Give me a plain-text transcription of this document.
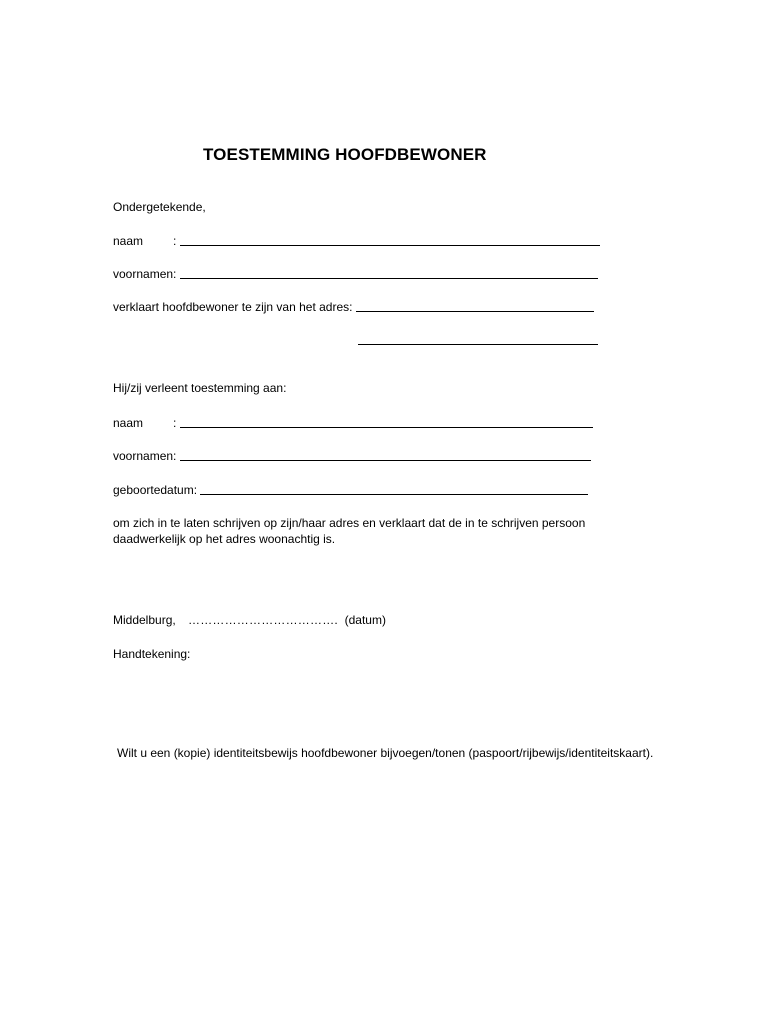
TOESTEMMING HOOFDBEWONER
Ondergetekende,
naam :
voornamen:
verklaart hoofdbewoner te zijn van het adres:
Hij/zij verleent toestemming aan:
naam :
voornamen:
geboortedatum:
om zich in te laten schrijven op zijn/haar adres en verklaart dat de in te schrijven persoon
daadwerkelijk op het adres woonachtig is.
Middelburg, ………………………………. (datum)
Handtekening:
Wilt u een (kopie) identiteitsbewijs hoofdbewoner bijvoegen/tonen (paspoort/rijbewijs/identiteitskaart).
